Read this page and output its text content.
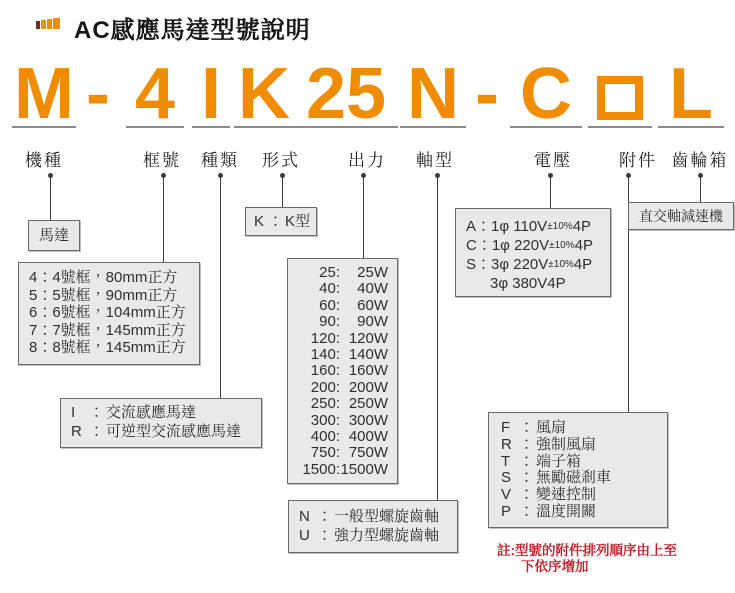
AC感應馬達型號說明
M - 4 I K 25 N - C L
機種	框號 種類 形式	出力 軸型	電壓	附件 齒輪箱
馬達
4：4號框，80mm正方
5：5號框，90mm正方
6：6號框，104mm正方
7：7號框，145mm正方
8：8號框，145mm正方
I ： 交流感應馬達
R ： 可逆型交流感應馬達
K ： K型
25:	25W
40:	40W
60:	60W
90:	90W
120: 120W
140: 140W
160: 160W
200: 200W
250: 250W
300: 300W
400: 400W
750: 750W
1500: 1500W
N ： 一般型螺旋齒軸
U ： 強力型螺旋齒軸
A：1φ 110V±10%4P
C：1φ 220V±10%4P
S：3φ 220V±10%4P
3φ 380V4P
F ： 風扇
R ： 強制風扇
T ： 端子箱
S ： 無勵磁剎車
V ： 變速控制
P ： 溫度開關
直交軸減速機
註:型號的附件排列順序由上至
下依序增加
